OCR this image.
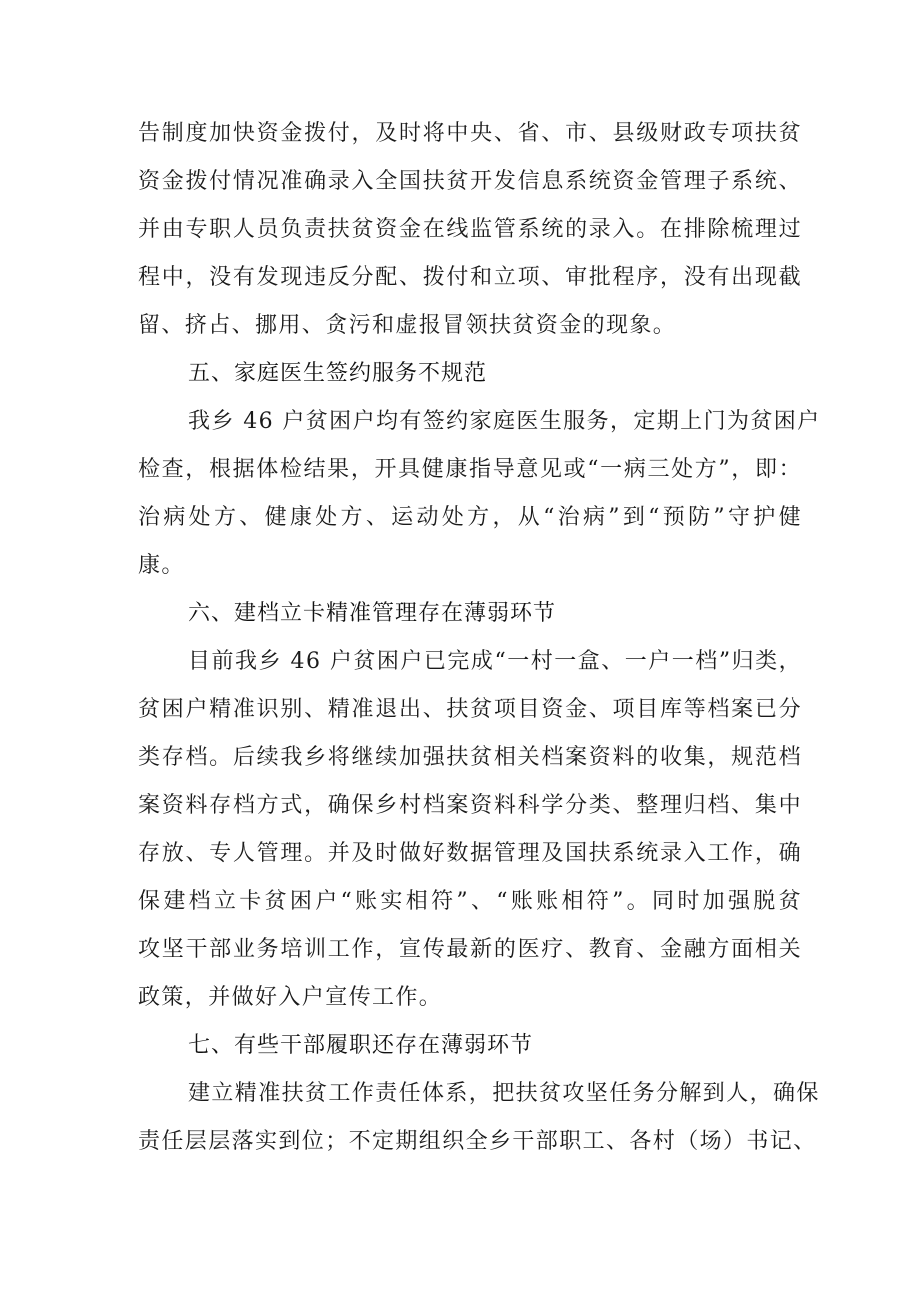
告制度加快资金拨付，及时将中央、省、市、县级财政专项扶贫
资金拨付情况准确录入全国扶贫开发信息系统资金管理子系统、
并由专职人员负责扶贫资金在线监管系统的录入。在排除梳理过
程中，没有发现违反分配、拨付和立项、审批程序，没有出现截
留、挤占、挪用、贪污和虚报冒领扶贫资金的现象。
五、家庭医生签约服务不规范
我乡 46 户贫困户均有签约家庭医生服务，定期上门为贫困户
检查，根据体检结果，开具健康指导意见或“一病三处方”，即：
治病处方、健康处方、运动处方，从“治病”到“预防”守护健
康。
六、建档立卡精准管理存在薄弱环节
目前我乡 46 户贫困户已完成“一村一盒、一户一档”归类，
贫困户精准识别、精准退出、扶贫项目资金、项目库等档案已分
类存档。后续我乡将继续加强扶贫相关档案资料的收集，规范档
案资料存档方式，确保乡村档案资料科学分类、整理归档、集中
存放、专人管理。并及时做好数据管理及国扶系统录入工作，确
保建档立卡贫困户“账实相符”、“账账相符”。同时加强脱贫
攻坚干部业务培训工作，宣传最新的医疗、教育、金融方面相关
政策，并做好入户宣传工作。
七、有些干部履职还存在薄弱环节
建立精准扶贫工作责任体系，把扶贫攻坚任务分解到人，确保
责任层层落实到位；不定期组织全乡干部职工、各村（场）书记、
